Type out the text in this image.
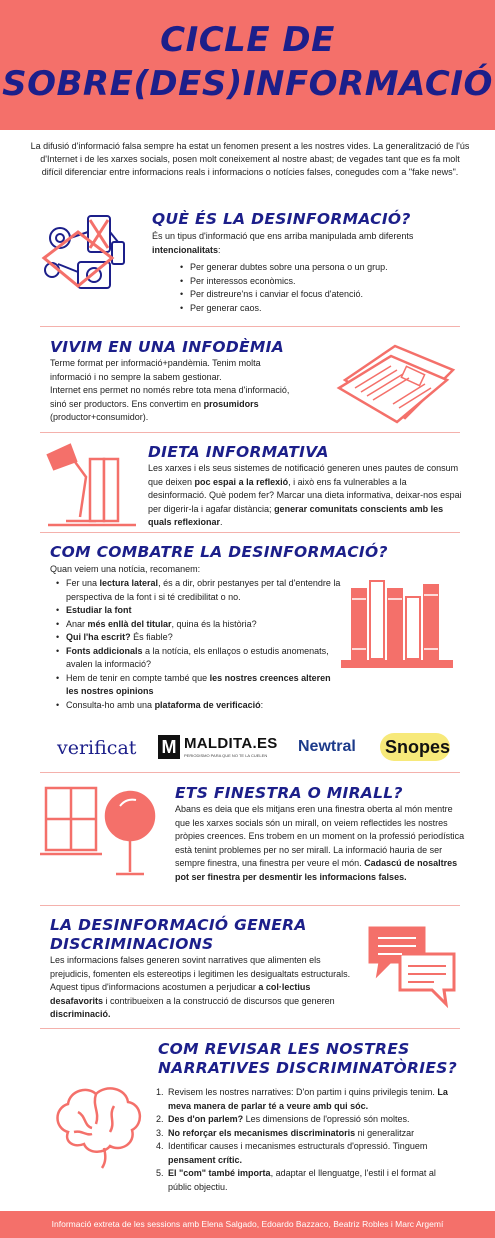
CICLE DE
SOBRE(DES)INFORMACIÓ
La difusió d'informació falsa sempre ha estat un fenomen present a les nostres vides. La generalització de l'ús d'Internet i de les xarxes socials, posen molt coneixement al nostre abast; de vegades tant que es fa molt difícil diferenciar entre informacions reals i informacions o notícies falses, conegudes com a "fake news".
QUÈ ÉS LA DESINFORMACIÓ?
És un tipus d'informació que ens arriba manipulada amb diferents intencionalitats:
• Per generar dubtes sobre una persona o un grup.
• Per interessos econòmics.
• Per distreure'ns i canviar el focus d'atenció.
• Per generar caos.
VIVIM EN UNA INFODÈMIA
Terme format per informació+pandèmia. Tenim molta informació i no sempre la sabem gestionar.
Internet ens permet no només rebre tota mena d'informació, sinó ser productors. Ens convertim en prosumidors (productor+consumidor).
DIETA INFORMATIVA
Les xarxes i els seus sistemes de notificació generen unes pautes de consum que deixen poc espai a la reflexió, i això ens fa vulnerables a la desinformació. Què podem fer? Marcar una dieta informativa, deixar-nos espai per digerir-la i agafar distància; generar comunitats conscients amb les quals reflexionar.
COM COMBATRE LA DESINFORMACIÓ?
Quan veiem una notícia, recomanem:
• Fer una lectura lateral, és a dir, obrir pestanyes per tal d'entendre la perspectiva de la font i si té credibilitat o no.
• Estudiar la font
• Anar més enllà del titular, quina és la història?
• Qui l'ha escrit? És fiable?
• Fonts addicionals a la notícia, els enllaços o estudis anomenats, avalen la informació?
• Hem de tenir en compte també que les nostres creences alteren les nostres opinions
• Consulta-ho amb una plataforma de verificació:
verificat M MALDITA.ES
PERIODISMO PARA QUE NO TE LA CUELEN
Newtral Snopes
ETS FINESTRA O MIRALL?
Abans es deia que els mitjans eren una finestra oberta al món mentre que les xarxes socials són un mirall, on veiem reflectides les nostres pròpies creences. Ens trobem en un moment on la professió periodística està tenint problemes per no ser mirall. La informació hauria de ser sempre finestra, una finestra per veure el món. Cadascú de nosaltres pot ser finestra per desmentir les informacions falses.
LA DESINFORMACIÓ GENERA
DISCRIMINACIONS
Les informacions falses generen sovint narratives que alimenten els prejudicis, fomenten els estereotips i legitimen les desigualtats estructurals. Aquest tipus d'informacions acostumen a perjudicar a col·lectius desafavorits i contribueixen a la construcció de discursos que generen discriminació.
COM REVISAR LES NOSTRES
NARRATIVES DISCRIMINATÒRIES?
1. Revisem les nostres narratives: D'on partim i quins privilegis tenim. La meva manera de parlar té a veure amb qui sóc.
2. Des d'on parlem? Les dimensions de l'opressió són moltes.
3. No reforçar els mecanismes discriminatoris ni generalitzar
4. Identificar causes i mecanismes estructurals d'opressió. Tinguem pensament crític.
5. El "com" també importa, adaptar el llenguatge, l'estil i el format al públic objectiu.
Informació extreta de les sessions amb Elena Salgado, Edoardo Bazzaco, Beatriz Robles i Marc Argemí
